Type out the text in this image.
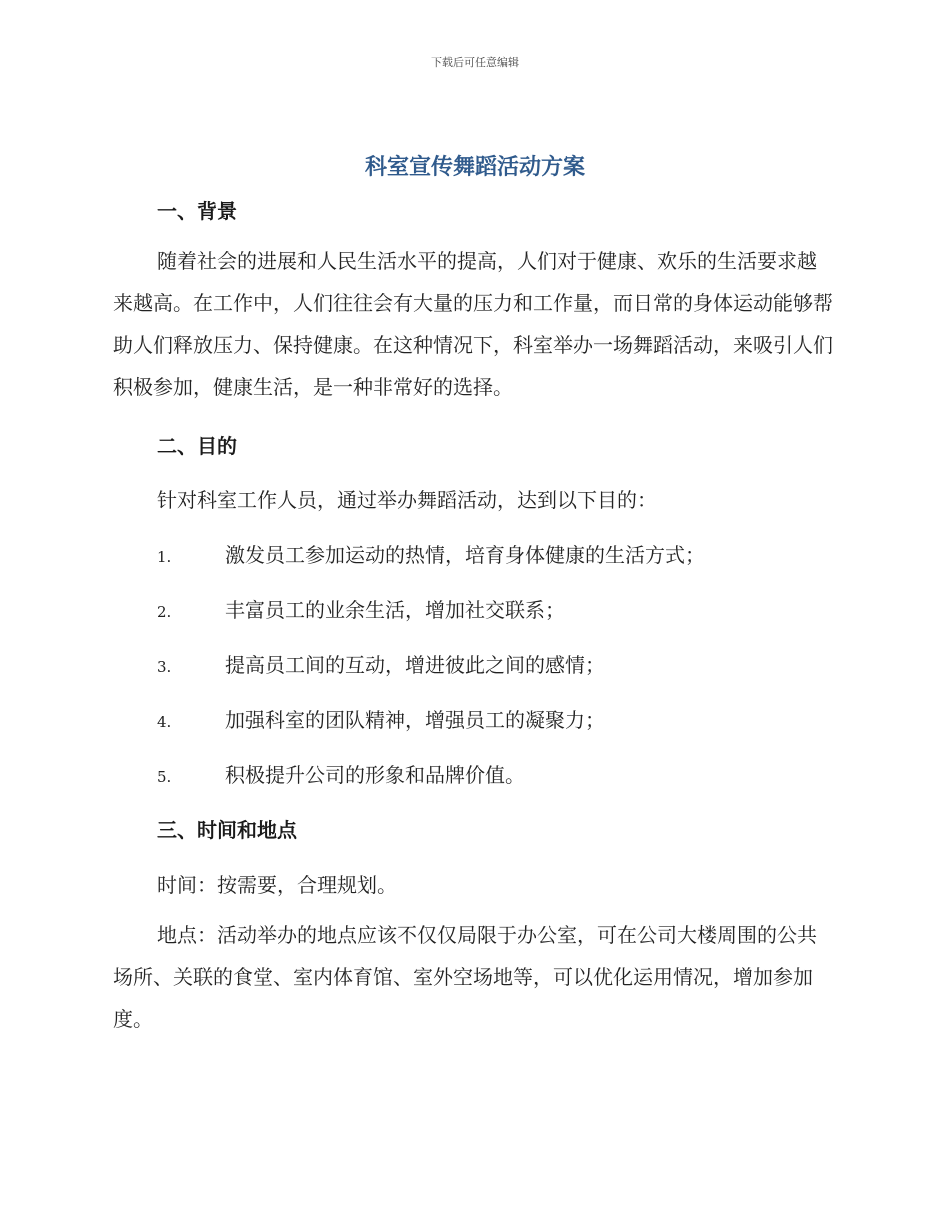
下载后可任意编辑
科室宣传舞蹈活动方案
一、背景

随着社会的进展和人民生活水平的提高，人们对于健康、欢乐的生活要求越来越高。在工作中，人们往往会有大量的压力和工作量，而日常的身体运动能够帮助人们释放压力、保持健康。在这种情况下，科室举办一场舞蹈活动，来吸引人们积极参加，健康生活，是一种非常好的选择。

二、目的
针对科室工作人员，通过举办舞蹈活动，达到以下目的：
1.	激发员工参加运动的热情，培育身体健康的生活方式；
2.	丰富员工的业余生活，增加社交联系；
3.	提高员工间的互动，增进彼此之间的感情；
4.	加强科室的团队精神，增强员工的凝聚力；
5.	积极提升公司的形象和品牌价值。
三、时间和地点
时间：按需要，合理规划。

地点：活动举办的地点应该不仅仅局限于办公室，可在公司大楼周围的公共场所、关联的食堂、室内体育馆、室外空场地等，可以优化运用情况，增加参加度。
